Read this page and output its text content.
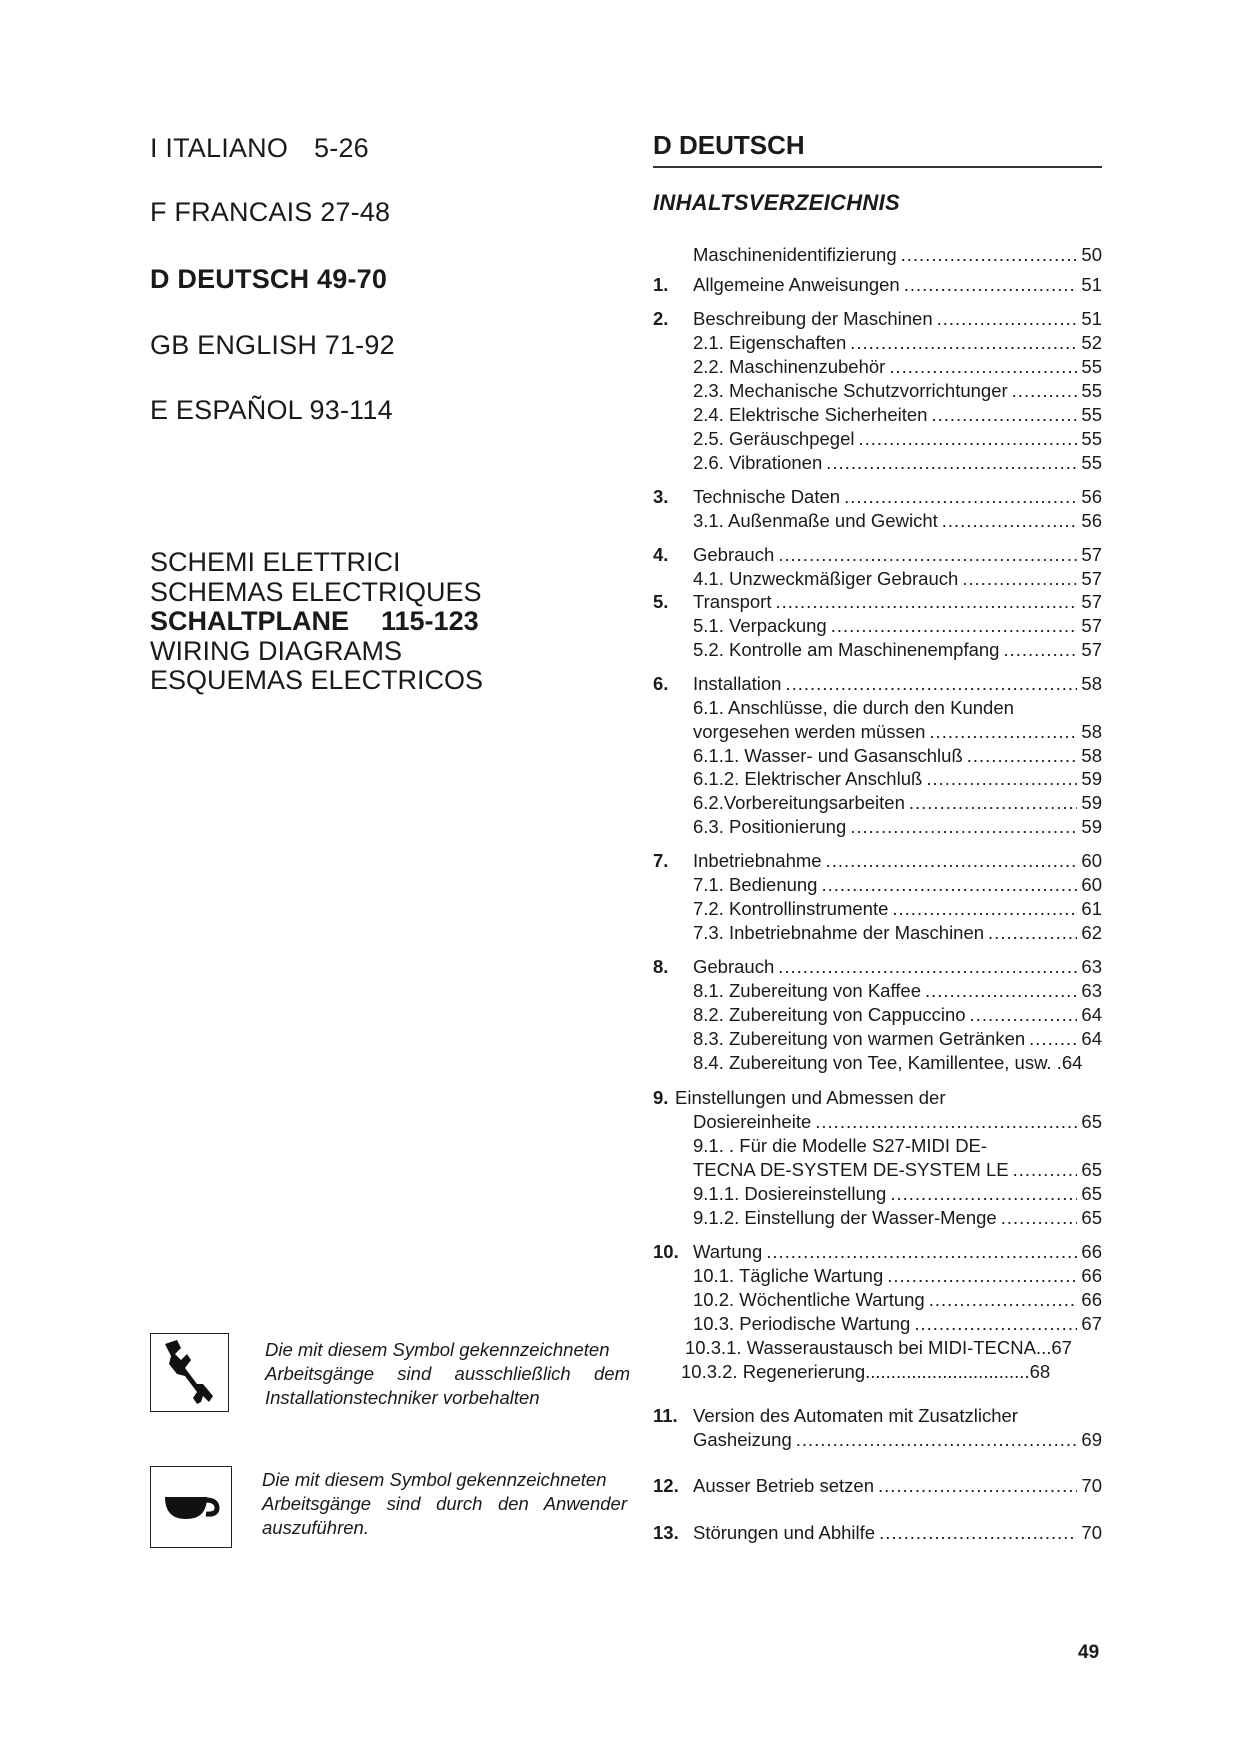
I ITALIANO 5-26
F FRANCAIS 27-48
D DEUTSCH 49-70
GB ENGLISH 71-92
E ESPAÑOL 93-114
SCHEMI ELETTRICI
SCHEMAS ELECTRIQUES
SCHALTPLANE 115-123
WIRING DIAGRAMS
ESQUEMAS ELECTRICOS
Die mit diesem Symbol gekennzeichneten
Arbeitsgänge sind ausschließlich dem
Installationstechniker vorbehalten
Die mit diesem Symbol gekennzeichneten
Arbeitsgänge sind durch den Anwender
auszuführen.
D DEUTSCH
INHALTSVERZEICHNIS
Maschinenidentifizierung .....	50
1. Allgemeine Anweisungen .....	51
2. Beschreibung der Maschinen .....	51
2.1. Eigenschaften .....	52
2.2. Maschinenzubehör .....	55
2.3. Mechanische Schutzvorrichtunger .....	55
2.4. Elektrische Sicherheiten .....	55
2.5. Geräuschpegel .....	55
2.6. Vibrationen .....	55
3. Technische Daten .....	56
3.1. Außenmaße und Gewicht .....	56
4. Gebrauch .....	57
4.1. Unzweckmäßiger Gebrauch .....	57
5. Transport .....	57
5.1. Verpackung .....	57
5.2. Kontrolle am Maschinenempfang .....	57
6. Installation .....	58
6.1. Anschlüsse, die durch den Kunden
vorgesehen werden müssen .....	58
6.1.1. Wasser- und Gasanschluß .....	58
6.1.2. Elektrischer Anschluß .....	59
6.2.Vorbereitungsarbeiten .....	59
6.3. Positionierung .....	59
7. Inbetriebnahme .....	60
7.1. Bedienung .....	60
7.2. Kontrollinstrumente .....	61
7.3. Inbetriebnahme der Maschinen .....	62
8. Gebrauch .....	63
8.1. Zubereitung von Kaffee .....	63
8.2. Zubereitung von Cappuccino .....	64
8.3. Zubereitung von warmen Getränken .....	64
8.4. Zubereitung von Tee, Kamillentee, usw. .64
9. Einstellungen und Abmessen der
Dosiereinheite .....	65
9.1. . Für die Modelle S27-MIDI DE-
TECNA DE-SYSTEM DE-SYSTEM LE .....	65
9.1.1. Dosiereinstellung .....	65
9.1.2. Einstellung der Wasser-Menge .....	65
10. Wartung .....	66
10.1. Tägliche Wartung .....	66
10.2. Wöchentliche Wartung .....	66
10.3. Periodische Wartung .....	67
10.3.1. Wasseraustausch bei MIDI-TECNA...67
10.3.2. Regenerierung................................68
11. Version des Automaten mit Zusatzlicher
Gasheizung .....	69
12. Ausser Betrieb setzen .....	70
13. Störungen und Abhilfe .....	70
49
